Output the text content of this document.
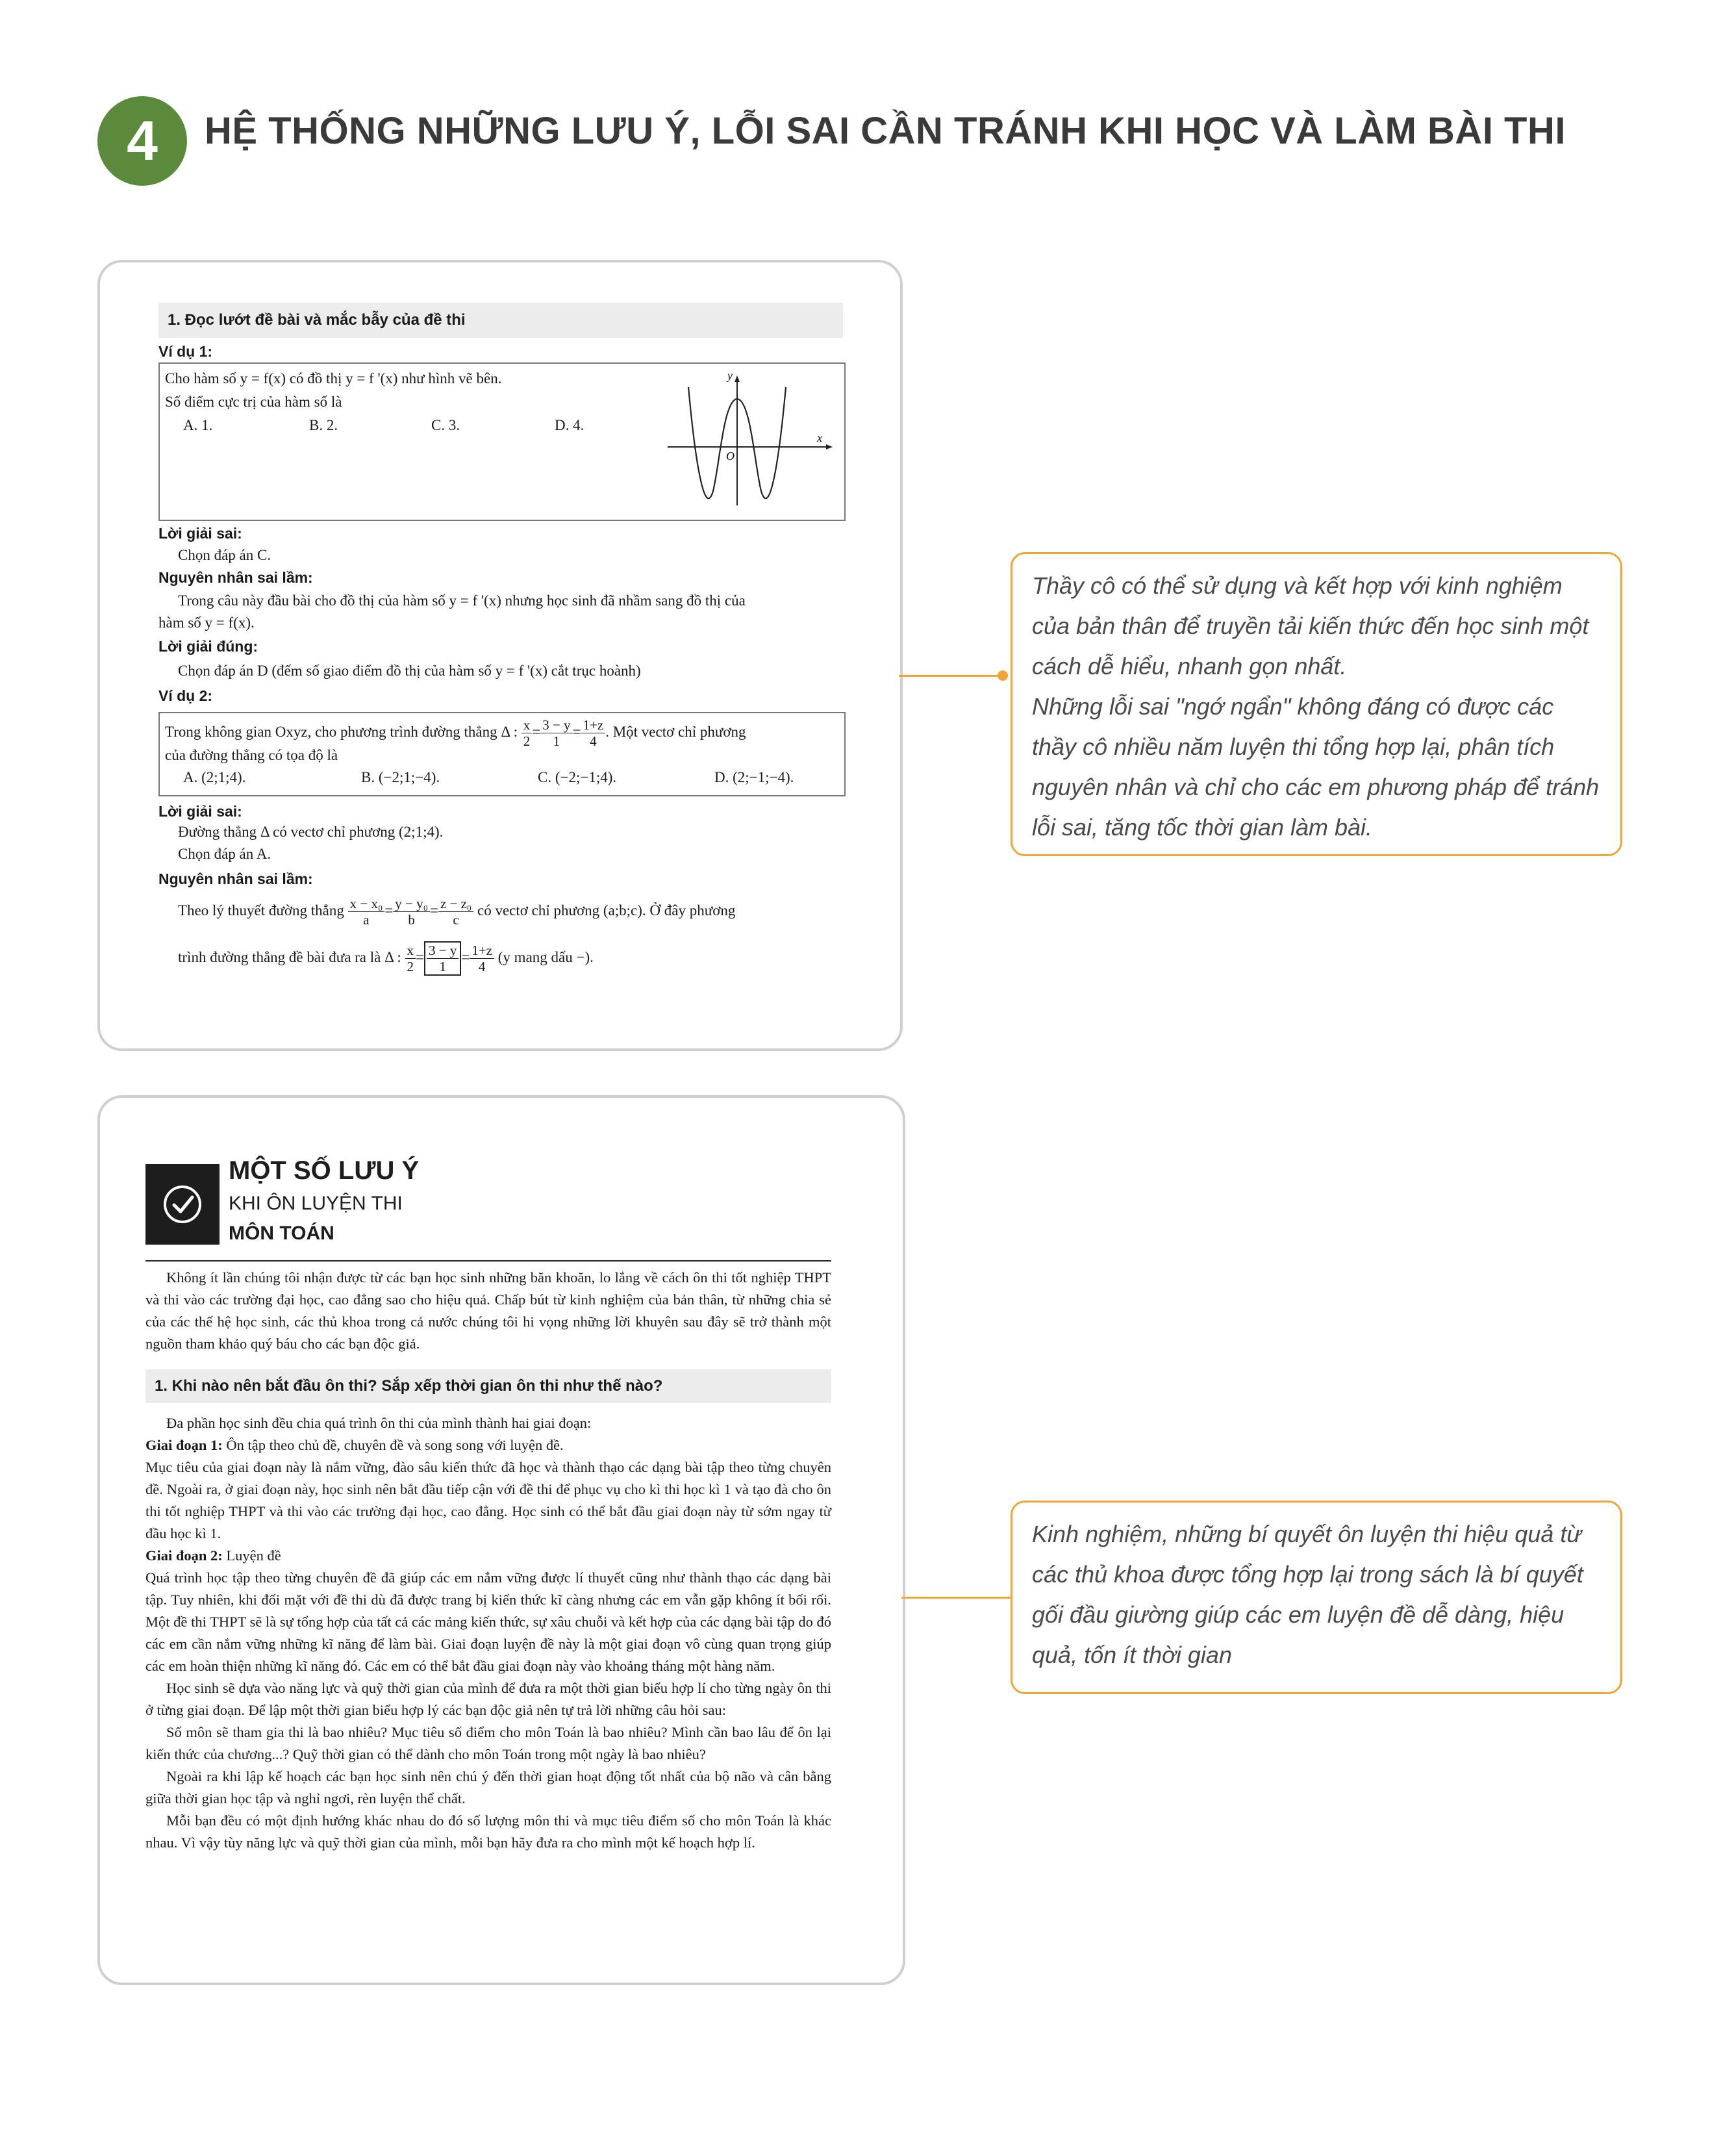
4	HỆ THỐNG NHỮNG LƯU Ý, LỖI SAI CẦN TRÁNH KHI HỌC VÀ LÀM BÀI THI
1. Đọc lướt đề bài và mắc bẫy của đề thi
Ví dụ 1:
Cho hàm số y = f(x) có đồ thị y = f '(x) như hình vẽ bên.
Số điểm cực trị của hàm số là
A. 1.	B. 2.	C. 3.	D. 4.
y
x
O
Lời giải sai:
Chọn đáp án C.
Nguyên nhân sai lầm:
Trong câu này đầu bài cho đồ thị của hàm số y = f '(x) nhưng học sinh đã nhầm sang đồ thị của
hàm số y = f(x).
Lời giải đúng:
Chọn đáp án D (đếm số giao điểm đồ thị của hàm số y = f '(x) cắt trục hoành)
Ví dụ 2:
Trong không gian Oxyz, cho phương trình đường thẳng Δ : $\frac{x}{2} = \frac{3 - y}{1} = \frac{1+z}{4}$ . Một vectơ chỉ phương
của đường thẳng có tọa độ là
A. (2;1;4).	B. (−2;1;−4).	C. (−2;−1;4).	D. (2;−1;−4).
Lời giải sai:
Đường thẳng Δ có vectơ chỉ phương (2;1;4).
Chọn đáp án A.
Nguyên nhân sai lầm:
Theo lý thuyết đường thẳng $\frac{\text{x − x₀}}{a} = \frac{\text{y − y₀}}{b} = \frac{\text{z − z₀}}{c}$ có vectơ chỉ phương (a;b;c). Ở đây phương
trình đường thẳng đề bài đưa ra là Δ : $\frac{x}{2} = \frac{3 - y}{1} = \frac{1+z}{4} (y$ mang dấu −).
Thầy cô có thể sử dụng và kết hợp với kinh nghiệm của bản thân để truyền tải kiến thức đến học sinh một cách dễ hiểu, nhanh gọn nhất.
Những lỗi sai "ngớ ngẩn" không đáng có được các thầy cô nhiều năm luyện thi tổng hợp lại, phân tích nguyên nhân và chỉ cho các em phương pháp để tránh lỗi sai, tăng tốc thời gian làm bài.
MỘT SỐ LƯU Ý
KHI ÔN LUYỆN THI
MÔN TOÁN

Không ít lần chúng tôi nhận được từ các bạn học sinh những băn khoăn, lo lắng về cách ôn thi tốt nghiệp THPT và thi vào các trường đại học, cao đẳng sao cho hiệu quả. Chấp bút từ kinh nghiệm của bản thân, từ những chia sẻ của các thế hệ học sinh, các thủ khoa trong cả nước chúng tôi hi vọng những lời khuyên sau đây sẽ trở thành một nguồn tham khảo quý báu cho các bạn độc giả.

1. Khi nào nên bắt đầu ôn thi? Sắp xếp thời gian ôn thi như thế nào?

Đa phần học sinh đều chia quá trình ôn thi của mình thành hai giai đoạn:

Giai đoạn 1: Ôn tập theo chủ đề, chuyên đề và song song với luyện đề.

Mục tiêu của giai đoạn này là nắm vững, đào sâu kiến thức đã học và thành thạo các dạng bài tập theo từng chuyên đề. Ngoài ra, ở giai đoạn này, học sinh nên bắt đầu tiếp cận với đề thi để phục vụ cho kì thi học kì 1 và tạo đà cho ôn thi tốt nghiệp THPT và thi vào các trường đại học, cao đẳng. Học sinh có thể bắt đầu giai đoạn này từ sớm ngay từ đầu học kì 1.

Giai đoạn 2: Luyện đề

Quá trình học tập theo từng chuyên đề đã giúp các em nắm vững được lí thuyết cũng như thành thạo các dạng bài tập. Tuy nhiên, khi đối mặt với đề thi dù đã được trang bị kiến thức kĩ càng nhưng các em vẫn gặp không ít bối rối. Một đề thi THPT sẽ là sự tổng hợp của tất cả các mảng kiến thức, sự xâu chuỗi và kết hợp của các dạng bài tập do đó các em cần nắm vững những kĩ năng để làm bài. Giai đoạn luyện đề này là một giai đoạn vô cùng quan trọng giúp các em hoàn thiện những kĩ năng đó. Các em có thể bắt đầu giai đoạn này vào khoảng tháng một hàng năm.

Học sinh sẽ dựa vào năng lực và quỹ thời gian của mình để đưa ra một thời gian biểu hợp lí cho từng ngày ôn thi ở từng giai đoạn. Để lập một thời gian biểu hợp lý các bạn độc giả nên tự trả lời những câu hỏi sau:

Số môn sẽ tham gia thi là bao nhiêu? Mục tiêu số điểm cho môn Toán là bao nhiêu? Mình cần bao lâu để ôn lại kiến thức của chương...? Quỹ thời gian có thể dành cho môn Toán trong một ngày là bao nhiêu?

Ngoài ra khi lập kế hoạch các bạn học sinh nên chú ý đến thời gian hoạt động tốt nhất của bộ não và cân bằng giữa thời gian học tập và nghỉ ngơi, rèn luyện thể chất.

Mỗi bạn đều có một định hướng khác nhau do đó số lượng môn thi và mục tiêu điểm số cho môn Toán là khác nhau. Vì vậy tùy năng lực và quỹ thời gian của mình, mỗi bạn hãy đưa ra cho mình một kế hoạch hợp lí.

Kinh nghiệm, những bí quyết ôn luyện thi hiệu quả từ các thủ khoa được tổng hợp lại trong sách là bí quyết gối đầu giường giúp các em luyện đề dễ dàng, hiệu quả, tốn ít thời gian
